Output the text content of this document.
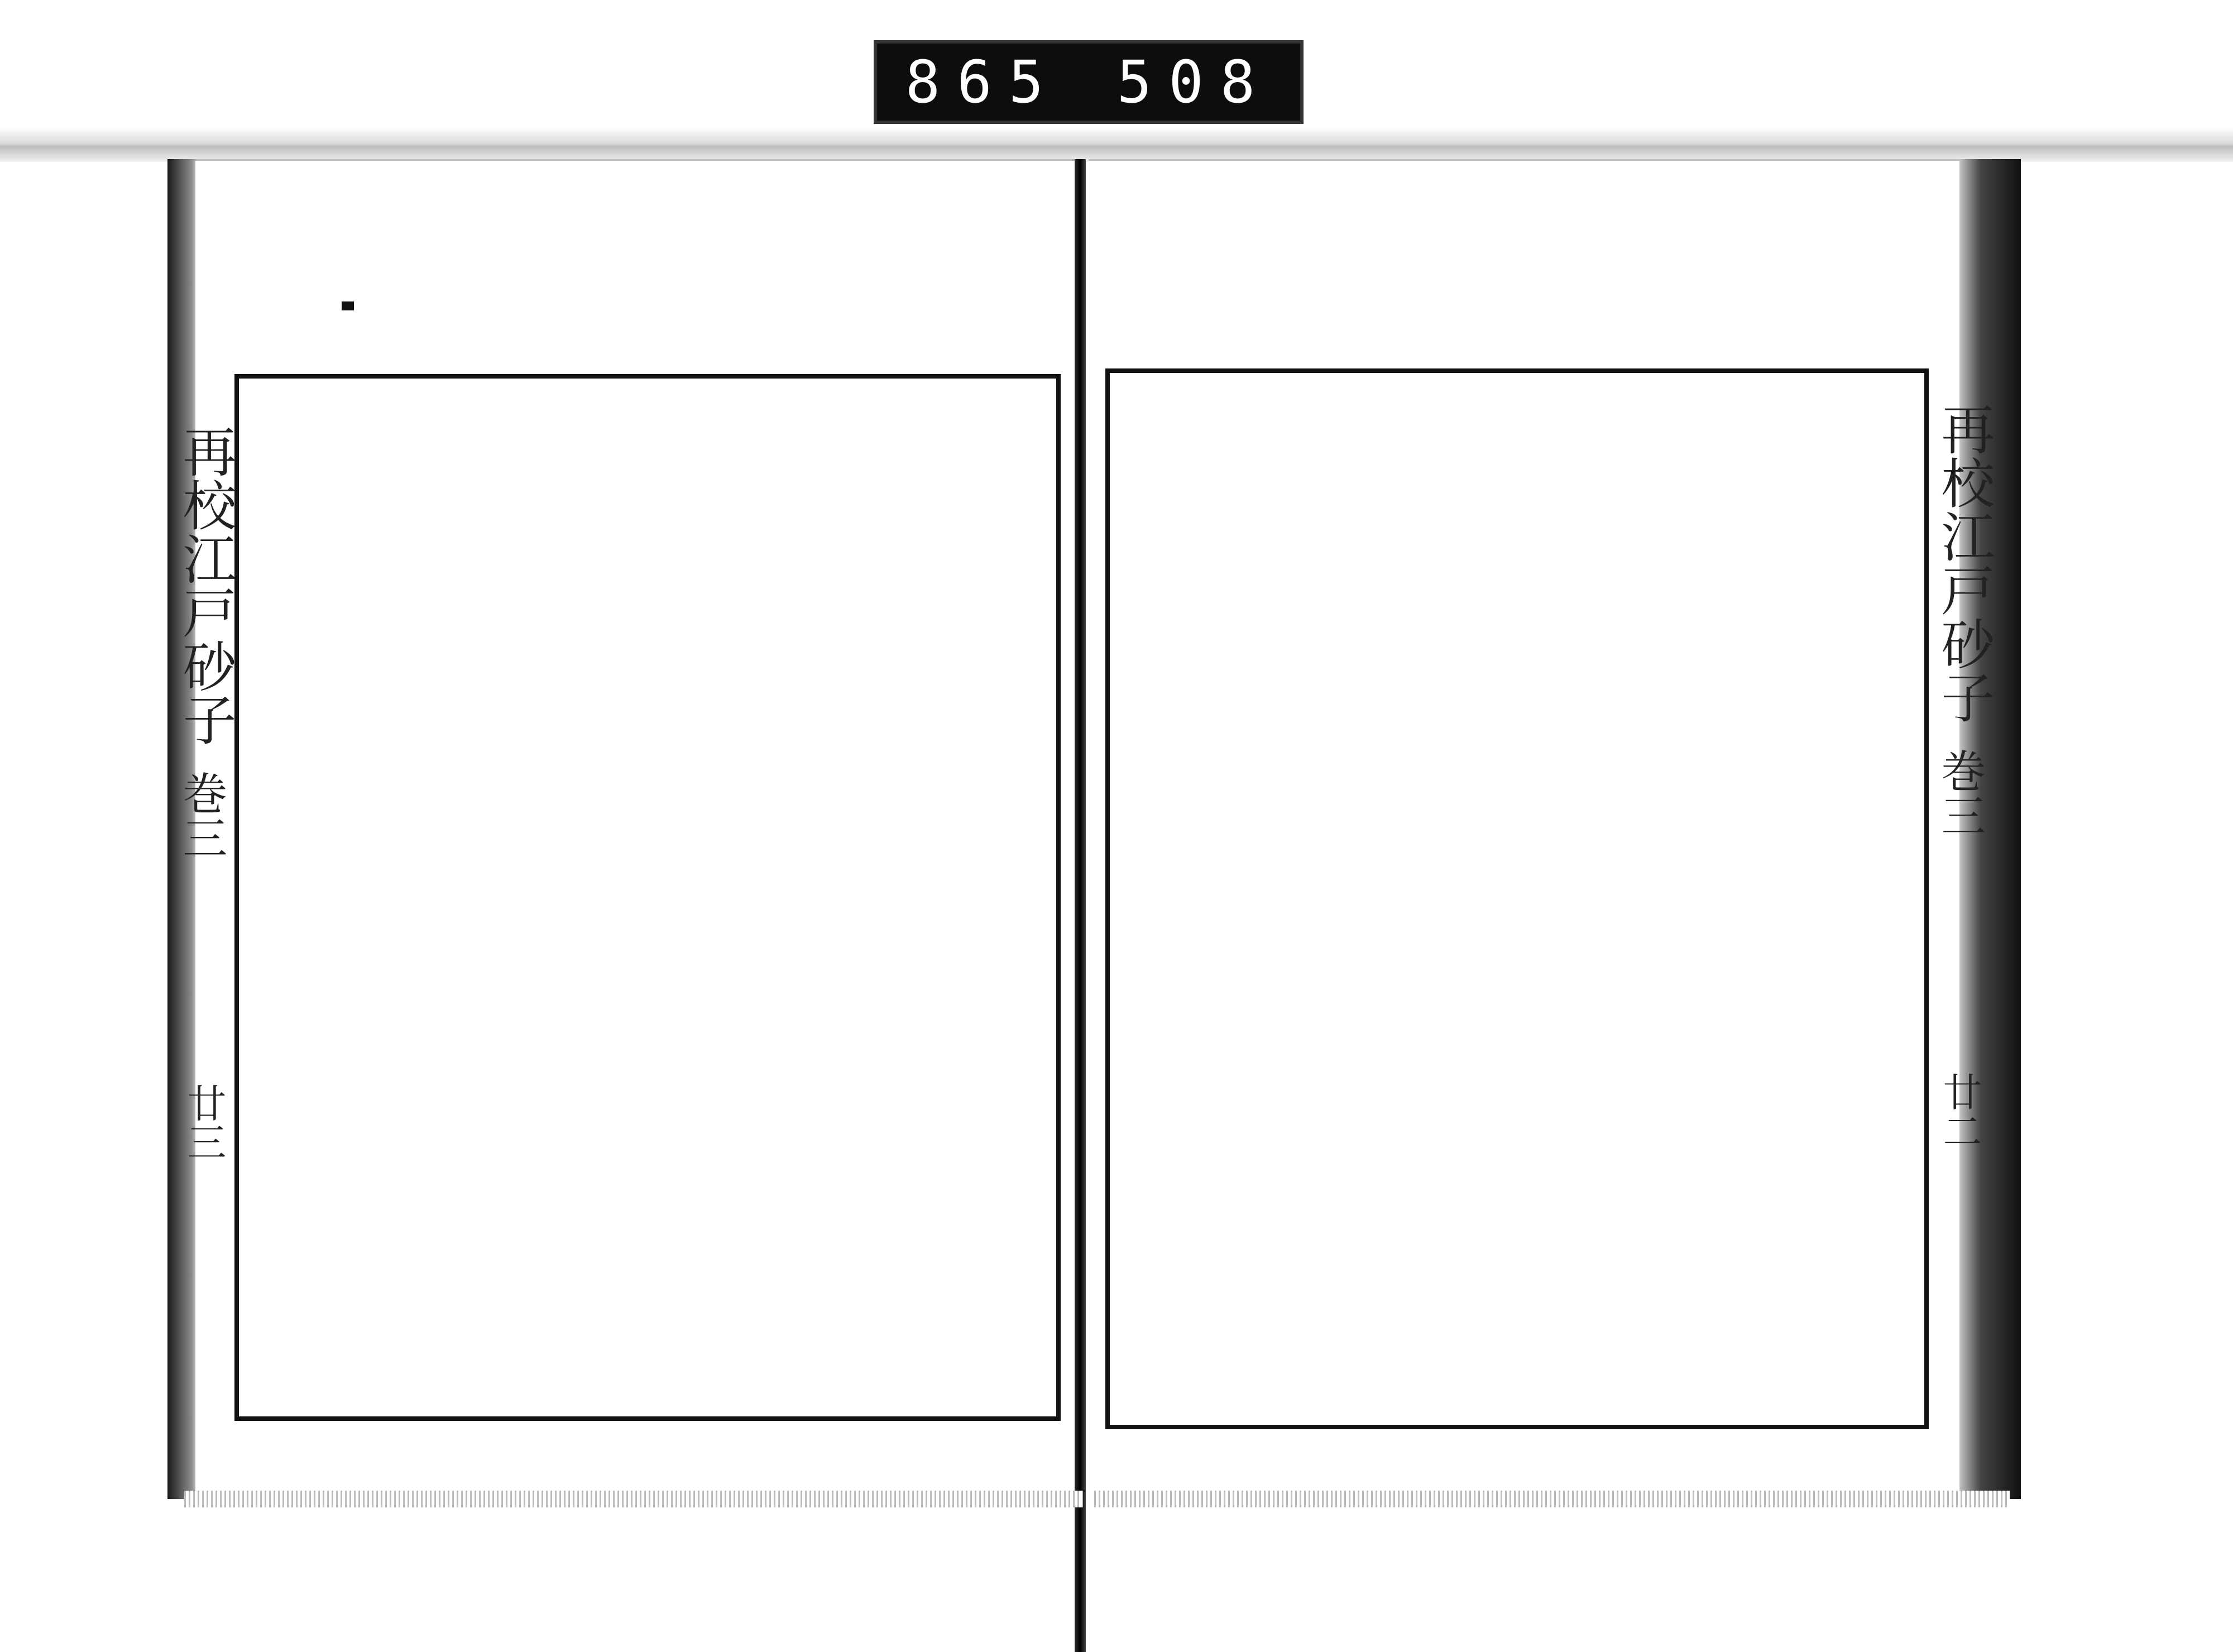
865 508
再校江戸砂子
巻三
廿三
再校江戸砂子
巻三
廿二
